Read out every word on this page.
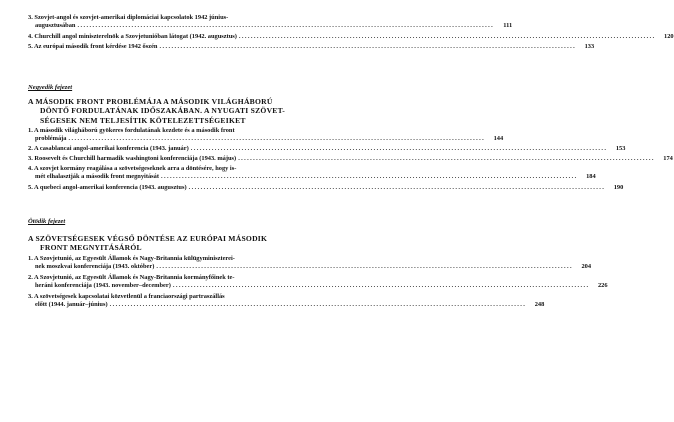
3. Szovjet-angol és szovjet-amerikai diplomáciai kapcsolatok 1942 június-
augusztusában ...........................................................................................................................................	111
4. Churchill angol miniszterelnök a Szovjetunióban látogat (1942. augusztus) ...........................................................................................................................................	120
5. Az európai második front kérdése 1942 őszén ...........................................................................................................................................	133
Negyedik fejezet
A MÁSODIK FRONT PROBLÉMÁJA A MÁSODIK VILÁGHÁBORÚ
DÖNTŐ FORDULATÁNAK IDŐSZAKÁBAN. A NYUGATI SZÖVET-
SÉGESEK NEM TELJESÍTIK KÖTELEZETTSÉGEIKET
1. A második világháború gyökeres fordulatának kezdete és a második front
problémája ...........................................................................................................................................	144
2. A casablancai angol-amerikai konferencia (1943. január) ...........................................................................................................................................	153
3. Roosevelt és Churchill harmadik washingtoni konferenciája (1943. május) ...........................................................................................................................................	174
4. A szovjet kormány reagálása a szövetségeseknek arra a döntésére, hogy is-
mét elhalasztják a második front megnyitását ...........................................................................................................................................	184
5. A quebeci angol-amerikai konferencia (1943. augusztus) ...........................................................................................................................................	190
Ötödik fejezet
A SZÖVETSÉGESEK VÉGSŐ DÖNTÉSE AZ EURÓPAI MÁSODIK
FRONT MEGNYITÁSÁRÓL
1. A Szovjetunió, az Egyesült Államok és Nagy-Britannia külügyminiszterei-
nek moszkvai konferenciája (1943. október) ...........................................................................................................................................	204
2. A Szovjetunió, az Egyesült Államok és Nagy-Britannia kormányfőinek te-
heráni konferenciája (1943. november–december) ...........................................................................................................................................	226
3. A szövetségesek kapcsolatai közvetlenül a franciaországi partraszállás
előtt (1944. január–június) ...........................................................................................................................................	248
